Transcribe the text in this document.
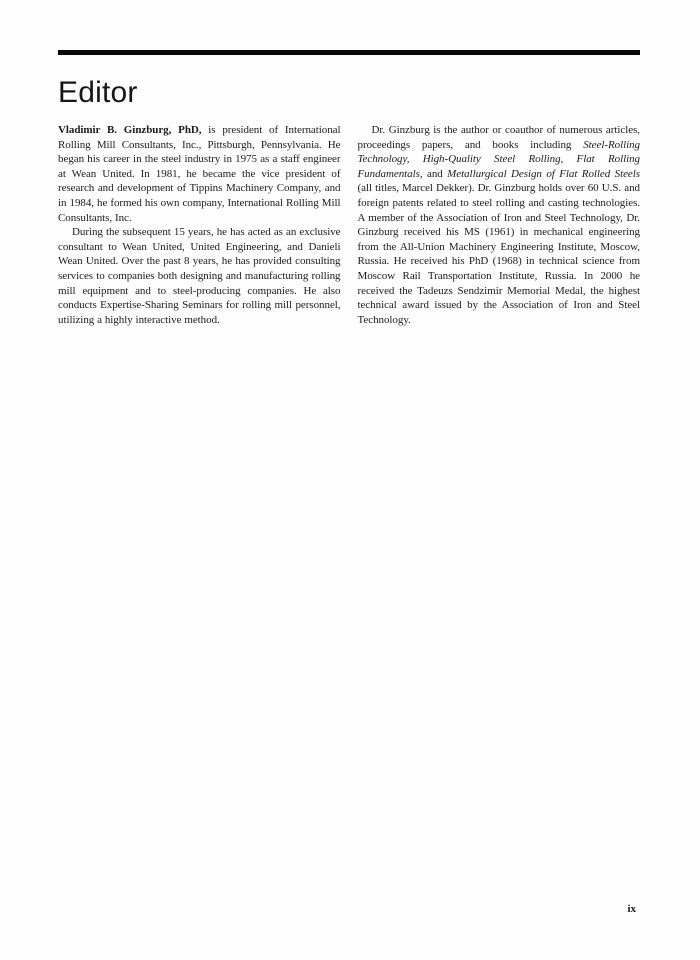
Editor

Vladimir B. Ginzburg, PhD, is president of International Rolling Mill Consultants, Inc., Pittsburgh, Pennsylvania. He began his career in the steel industry in 1975 as a staff engineer at Wean United. In 1981, he became the vice president of research and development of Tippins Machinery Company, and in 1984, he formed his own company, International Rolling Mill Consultants, Inc.

During the subsequent 15 years, he has acted as an exclusive consultant to Wean United, United Engineering, and Danieli Wean United. Over the past 8 years, he has provided consulting services to companies both designing and manufacturing rolling mill equipment and to steel-producing companies. He also conducts Expertise-Sharing Seminars for rolling mill personnel, utilizing a highly interactive method.

Dr. Ginzburg is the author or coauthor of numerous articles, proceedings papers, and books including Steel-Rolling Technology, High-Quality Steel Rolling, Flat Rolling Fundamentals, and Metallurgical Design of Flat Rolled Steels (all titles, Marcel Dekker). Dr. Ginzburg holds over 60 U.S. and foreign patents related to steel rolling and casting technologies. A member of the Association of Iron and Steel Technology, Dr. Ginzburg received his MS (1961) in mechanical engineering from the All-Union Machinery Engineering Institute, Moscow, Russia. He received his PhD (1968) in technical science from Moscow Rail Transportation Institute, Russia. In 2000 he received the Tadeuzs Sendzimir Memorial Medal, the highest technical award issued by the Association of Iron and Steel Technology.

ix
